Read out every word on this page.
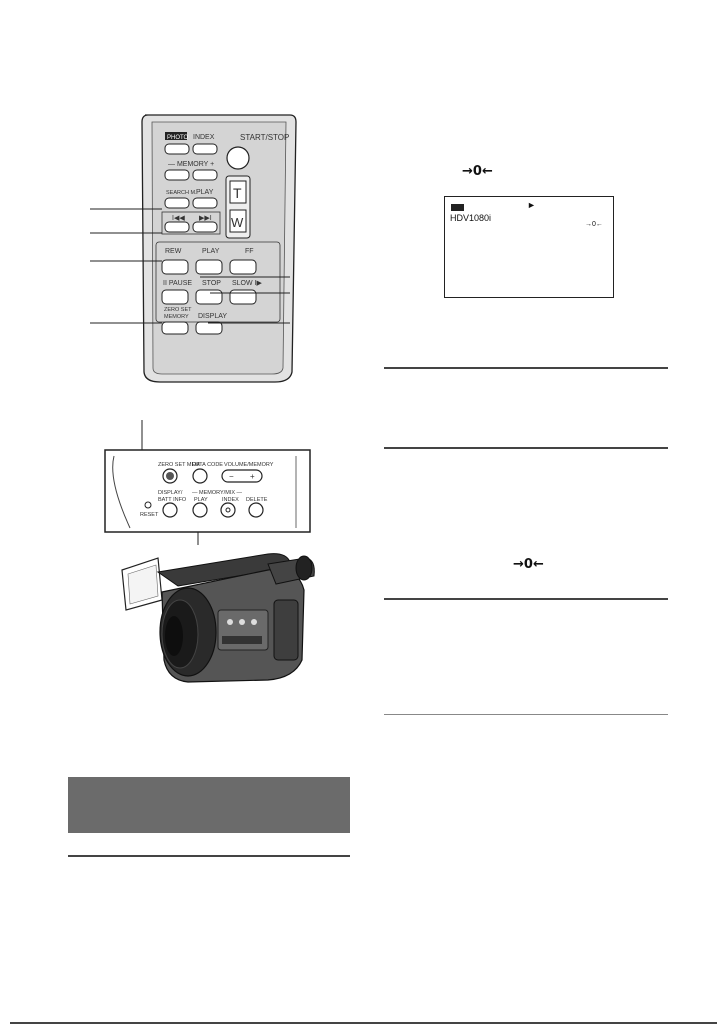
START/STOP
PHOTO INDEX
— MEMORY +
T
W
SEARCH M. PLAY
I◀◀ ▶▶I
REW	PLAY	FF
II PAUSE STOP SLOW I▶
ZERO SET
MEMORY DISPLAY
►
HDV1080i
→0←
→0←
→0←
ZERO SET MEM
DATA CODE VOLUME/MEMORY
− +
DISPLAY/
BATT INFO
— MEMORY/MIX —
PLAY	INDEX DELETE
RESET
